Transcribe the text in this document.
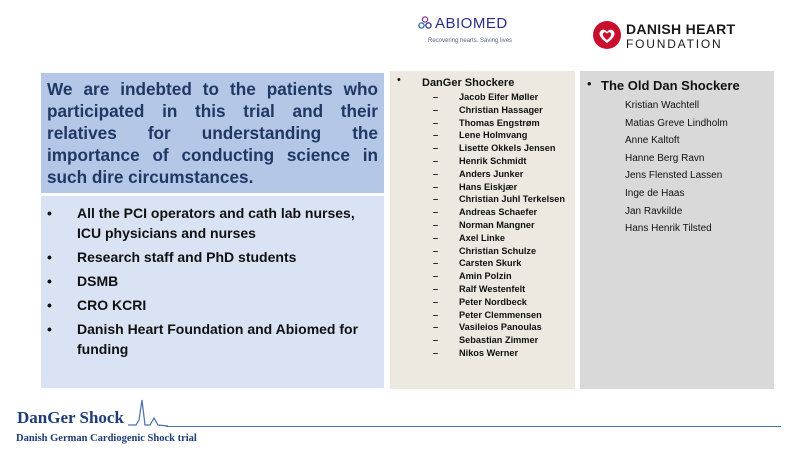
ABIOMED
Recovering hearts. Saving lives
DANISH HEART
FOUNDATION

We are indebted to the patients who participated in this trial and their relatives for understanding the importance of conducting science in such dire circumstances.

• All the PCI operators and cath lab nurses, ICU physicians and nurses
• Research staff and PhD students
• DSMB
• CRO KCRI
• Danish Heart Foundation and Abiomed for funding
• DanGer Shockere
– Jacob Eifer Møller
– Christian Hassager
– Thomas Engstrøm
– Lene Holmvang
– Lisette Okkels Jensen
– Henrik Schmidt
– Anders Junker
– Hans Eiskjær
– Christian Juhl Terkelsen
– Andreas Schaefer
– Norman Mangner
– Axel Linke
– Christian Schulze
– Carsten Skurk
– Amin Polzin
– Ralf Westenfelt
– Peter Nordbeck
– Peter Clemmensen
– Vasileios Panoulas
– Sebastian Zimmer
– Nikos Werner
• The Old Dan Shockere
Kristian Wachtell
Matias Greve Lindholm
Anne Kaltoft
Hanne Berg Ravn
Jens Flensted Lassen
Inge de Haas
Jan Ravkilde
Hans Henrik Tilsted
DanGer Shock
Danish German Cardiogenic Shock trial
